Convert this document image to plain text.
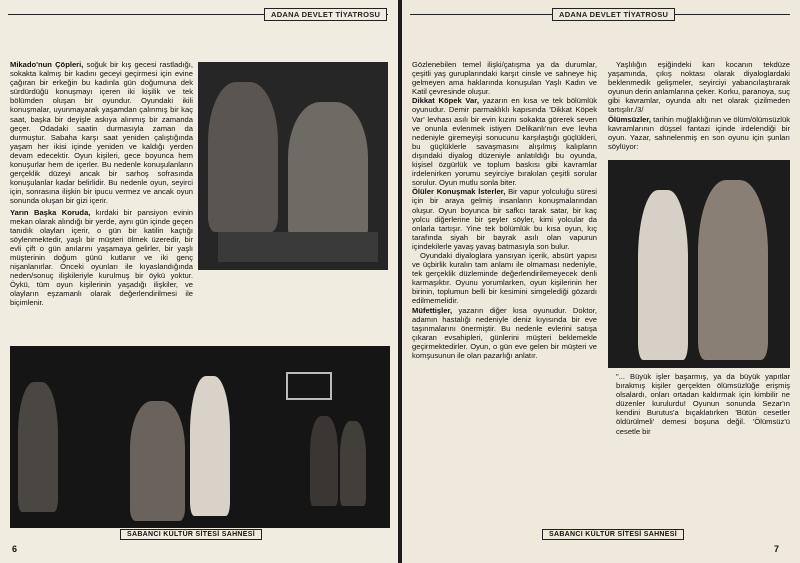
ADANA DEVLET TİYATROSU

Mikado'nun Çöpleri, soğuk bir kış gecesi rastladığı, sokakta kalmış bir kadını geceyi geçirmesi için evine çağıran bir erkeğin bu kadınla gün doğumuna dek sürdürdüğü konuşmayı içeren iki kişilik ve tek bölümden oluşan bir oyundur. Oyundaki ikili konuşmalar, uyunmayarak yaşamdan çalınmış bir kaç saat, başka bir deyişle askıya alınmış bir zamanda geçer. Odadaki saatin durmasıyla zaman da durmuştur. Sabaha karşı saat yeniden çalıştığında yaşam her ikisi içinde yeniden ve kaldığı yerden devam edecektir. Oyun kişileri, gece boyunca hem konuşurlar hem de içerler. Bu nedenle konuşulanların gerçeklik düzeyi ancak bir sarhoş sofrasında konuşulanlar kadar belirlidir. Bu nedenle oyun, seyirci için, sonrasına ilişkin bir ipucu vermez ve ancak oyun sonunda oluşan bir gizi içerir.

Yarın Başka Koruda, kırdaki bir pansiyon evinin mekan olarak alındığı bir yerde, aynı gün içinde geçen tanıdık olayları içerir, o gün bir katilin kaçtığı söylenmektedir, yaşlı bir müşteri ölmek üzeredir, bir evli çift o gün anılarını yaşamaya gelirler, bir yaşlı müşterinin doğum günü kutlanır ve iki genç nişanlanırlar. Önceki oyunları ile kıyaslandığında neden/sonuç ilişkileriyle kurulmuş bir öykü yoktur. Öykü, tüm oyun kişilerinin yaşadığı ilişkiler, ve olayların eşzamanlı olarak değerlendirilmesi ile biçimlenir.

SABANCI KÜLTÜR SİTESİ SAHNESİ
6
ADANA DEVLET TİYATROSU

Gözlenebilen temel ilişki/çatışma ya da durumlar, çeşitli yaş guruplarındaki karşıt cinsle ve sahneye hiç gelmeyen ama haklarında konuşulan Yaşlı Kadın ve Katil çevresinde oluşur.

Dikkat Köpek Var, yazarın en kısa ve tek bölümlük oyunudur. Demir parmaklıklı kapısında 'Dikkat Köpek Var' levhası asılı bir evin kızını sokakta görerek seven ve onunla evlenmek istiyen Delikanlı'nın eve levha nedeniyle giremeyişi sonucunu karşılaştığı güçlükleri, bu güçlüklerle savaşmasını alışılmış kalıpların dışındaki diyalog düzeniyle anlatıldığı bu oyunda, kişisel özgürlük ve toplum baskısı gibi kavramlar irdelenirken yorumu seyirciye bırakılan çeşitli sorular sorulur. Oyun mutlu sonla biter.

Ölüler Konuşmak İsterler, Bir vapur yolculuğu süresi için bir araya gelmiş insanların konuşmalarından oluşur. Oyun boyunca bir safkcı tarak satar, bir kaç yolcu diğerlerine bir şeyler söyler, kimi yolcular da onlarla tartışır. Yine tek bölümlük bu kısa oyun, kıç tarafında siyah bir bayrak asılı olan vapurun içindekilerle yavaş yavaş batmasıyla son bulur.

Oyundaki diyaloglara yansıyan içerik, absürt yapısı ve üçbirlik kuralın tam anlamı ile olmaması nedeniyle, tek gerçeklik düzleminde değerlendirilemeyecek denli karmaşıktır. Oyunu yorumlarken, oyun kişilerinin her birinin, toplumun belli bir kesimini simgelediği gözardı edilmemelidir.

Müfettişler, yazarın diğer kısa oyunudur. Doktor, adamın hastalığı nedeniyle deniz kıyısında bir eve taşınmalarını önermiştir. Bu nedenle evlerini satışa çıkaran evsahipleri, günlerini müşteri beklemekle geçirmektedirler. Oyun, o gün eve gelen bir müşteri ve komşusunun ile olan pazarlığı anlatır.

Yaşlılığın eşiğindeki karı kocanın tekdüze yaşamında, çıkış noktası olarak diyaloglardaki beklenmedik gelişmeler, seyirciyi yabancılaştırarak oyunun derin anlamlarına çeker. Korku, paranoya, suç gibi kavramlar, oyunda altı net olarak çizilmeden tartışılır./3/

Ölümsüzler, tarihin muğlaklığının ve ölüm/ölümsüzlük kavramlarının düşsel fantazi içinde irdelendiği bir oyun. Yazar, sahnelenmiş en son oyunu için şunları söylüyor:

"... Büyük işler başarmış, ya da büyük yapıtlar bırakmış kişiler gerçekten ölümsüzlüğe erişmiş olsalardı, onları ortadan kaldırmak için kimbilir ne düzenler kurulurdu! Oyunun sonunda Sezar'ın kendini Burutus'a bıçaklatırken 'Bütün cesetler öldürülmeli' demesi boşuna değil. 'Ölümsüz'ü cesetle bir

SABANCI KÜLTÜR SİTESİ SAHNESİ
7
